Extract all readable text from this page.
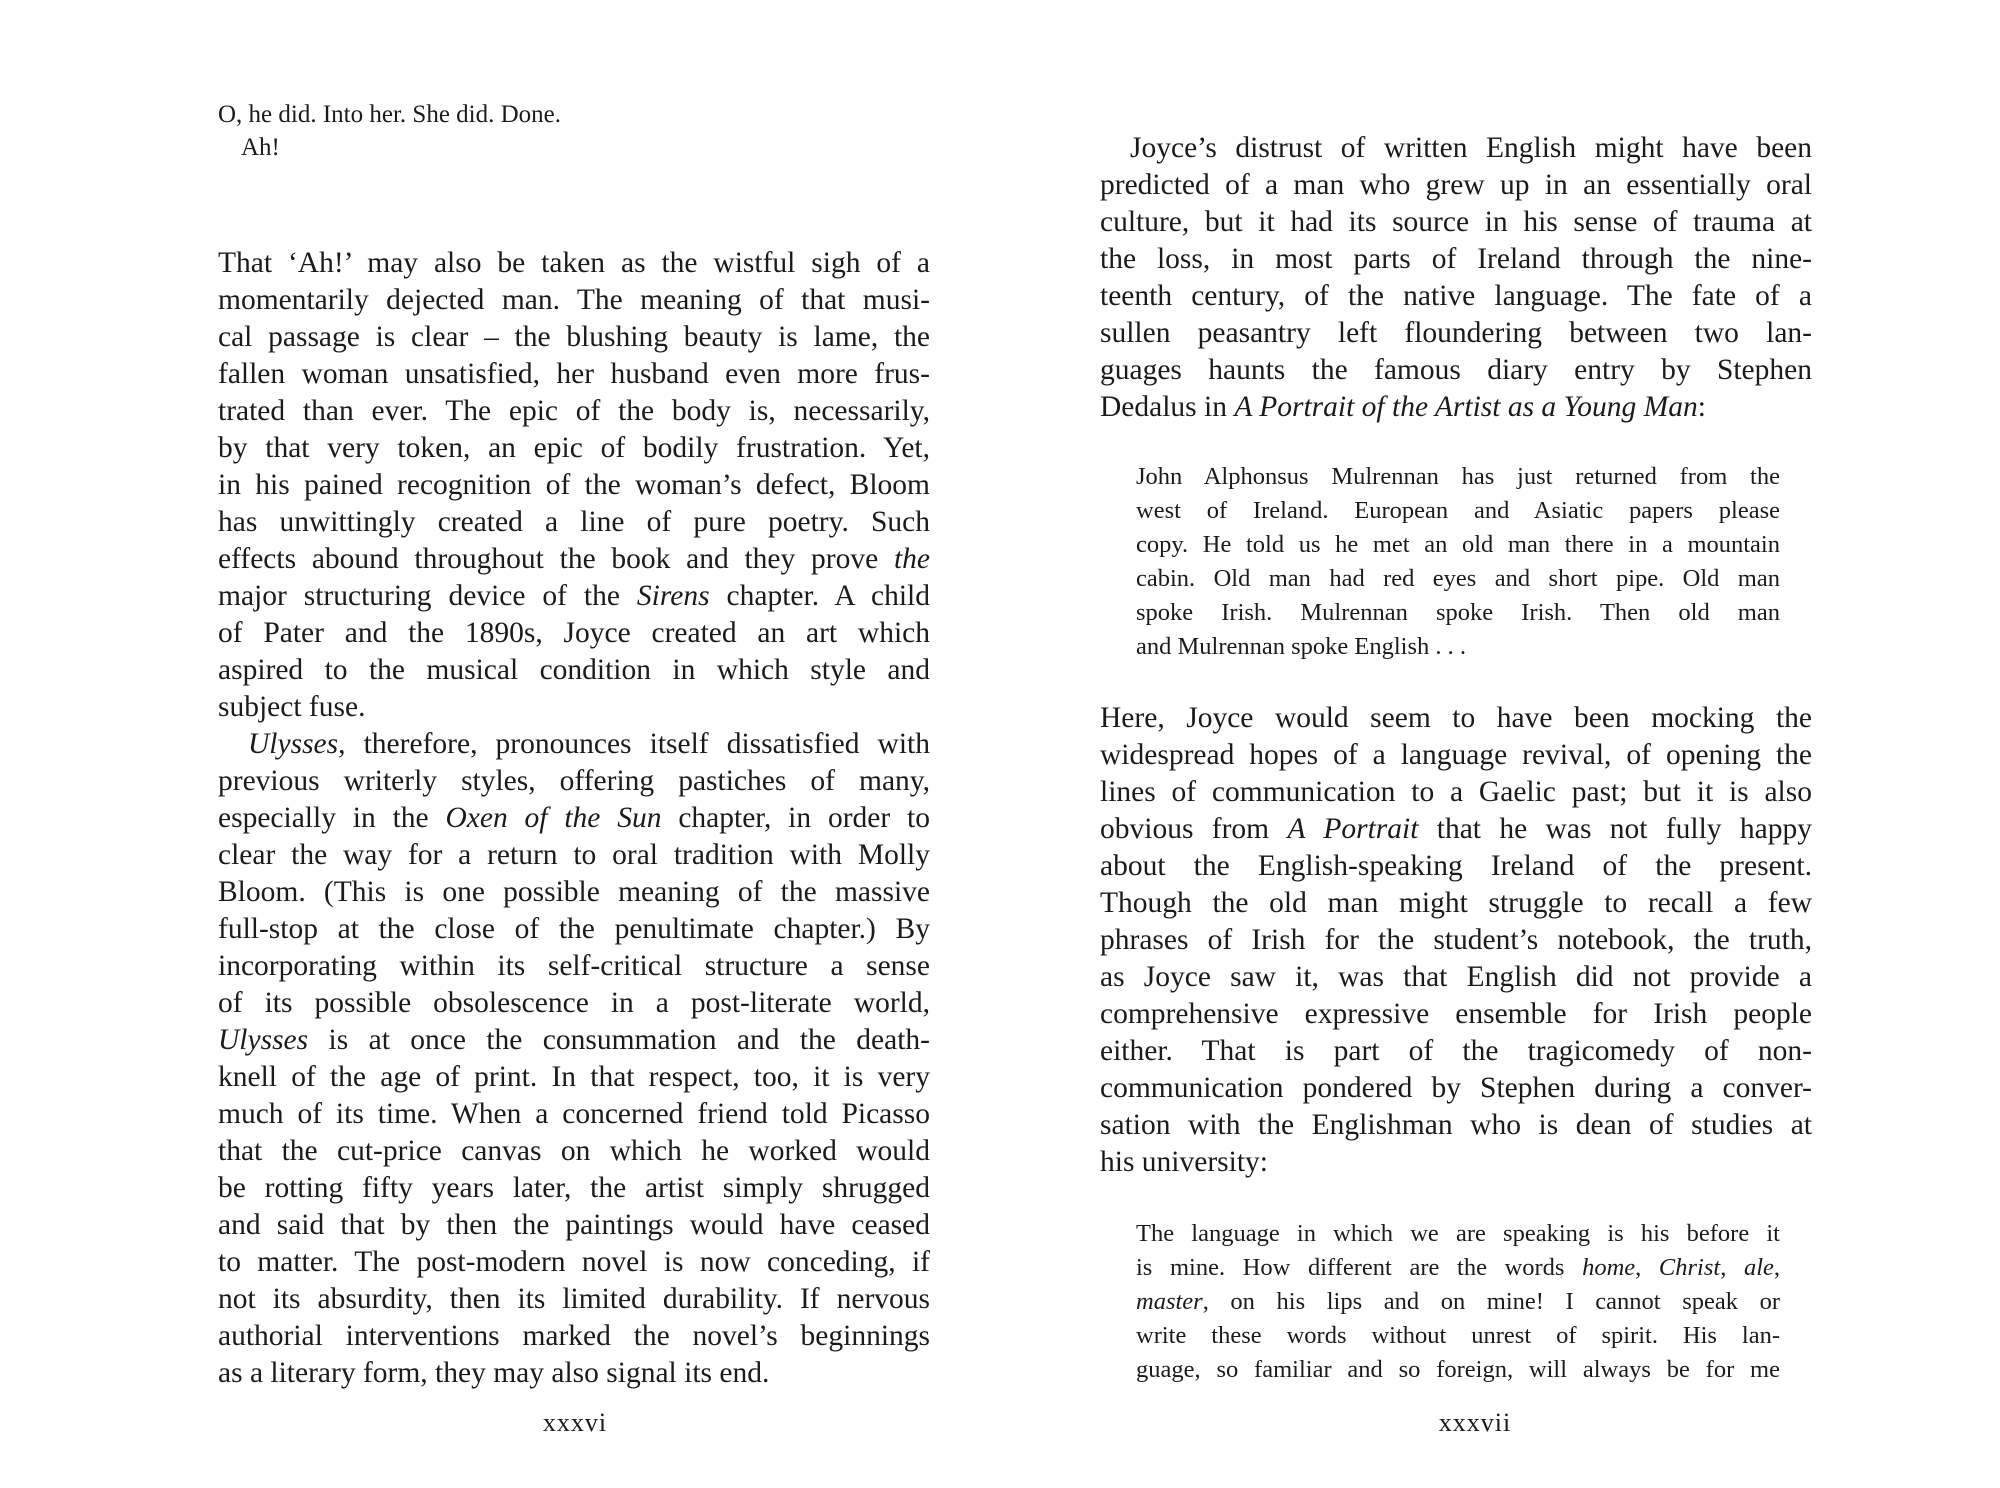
O, he did. Into her. She did. Done.
Ah!
That ‘Ah!’ may also be taken as the wistful sigh of a
momentarily dejected man. The meaning of that musi-
cal passage is clear – the blushing beauty is lame, the
fallen woman unsatisfied, her husband even more frus-
trated than ever. The epic of the body is, necessarily,
by that very token, an epic of bodily frustration. Yet,
in his pained recognition of the woman’s defect, Bloom
has unwittingly created a line of pure poetry. Such
effects abound throughout the book and they prove the
major structuring device of the Sirens chapter. A child
of Pater and the 1890s, Joyce created an art which
aspired to the musical condition in which style and
subject fuse.
Ulysses, therefore, pronounces itself dissatisfied with
previous writerly styles, offering pastiches of many,
especially in the Oxen of the Sun chapter, in order to
clear the way for a return to oral tradition with Molly
Bloom. (This is one possible meaning of the massive
full-stop at the close of the penultimate chapter.) By
incorporating within its self-critical structure a sense
of its possible obsolescence in a post-literate world,
Ulysses is at once the consummation and the death-
knell of the age of print. In that respect, too, it is very
much of its time. When a concerned friend told Picasso
that the cut-price canvas on which he worked would
be rotting fifty years later, the artist simply shrugged
and said that by then the paintings would have ceased
to matter. The post-modern novel is now conceding, if
not its absurdity, then its limited durability. If nervous
authorial interventions marked the novel’s beginnings
as a literary form, they may also signal its end.
xxxvi
Joyce’s distrust of written English might have been
predicted of a man who grew up in an essentially oral
culture, but it had its source in his sense of trauma at
the loss, in most parts of Ireland through the nine-
teenth century, of the native language. The fate of a
sullen peasantry left floundering between two lan-
guages haunts the famous diary entry by Stephen
Dedalus in A Portrait of the Artist as a Young Man:
John Alphonsus Mulrennan has just returned from the
west of Ireland. European and Asiatic papers please
copy. He told us he met an old man there in a mountain
cabin. Old man had red eyes and short pipe. Old man
spoke Irish. Mulrennan spoke Irish. Then old man
and Mulrennan spoke English . . .
Here, Joyce would seem to have been mocking the
widespread hopes of a language revival, of opening the
lines of communication to a Gaelic past; but it is also
obvious from A Portrait that he was not fully happy
about the English-speaking Ireland of the present.
Though the old man might struggle to recall a few
phrases of Irish for the student’s notebook, the truth,
as Joyce saw it, was that English did not provide a
comprehensive expressive ensemble for Irish people
either. That is part of the tragicomedy of non-
communication pondered by Stephen during a conver-
sation with the Englishman who is dean of studies at
his university:
The language in which we are speaking is his before it
is mine. How different are the words home, Christ, ale,
master, on his lips and on mine! I cannot speak or
write these words without unrest of spirit. His lan-
guage, so familiar and so foreign, will always be for me
xxxvii
